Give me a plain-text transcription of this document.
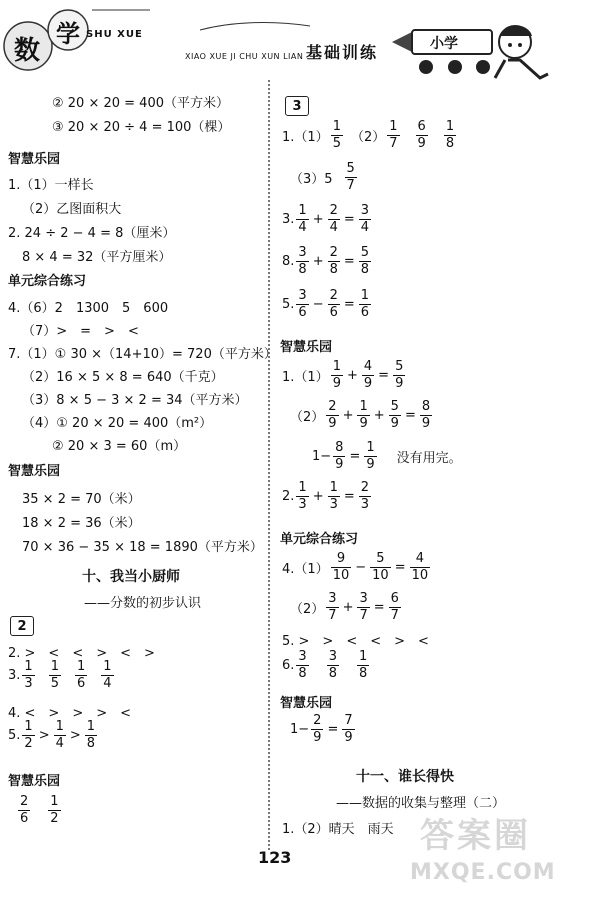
数
学 SHU XUE
XIAO XUE JI CHU XUN LIAN 基 础 训 练	小学
② 20 × 20 = 400（平方米）
③ 20 × 20 ÷ 4 = 100（棵）
智慧乐园
1.（1）一样长
（2）乙图面积大
2. 24 ÷ 2 − 4 = 8（厘米）
8 × 4 = 32（平方厘米）
单元综合练习
4.（6）2　1300　5　600
（7）>　=　>　<
7.（1）① 30 ×（14+10）= 720（平方米）
（2）16 × 5 × 8 = 640（千克）
（3）8 × 5 − 3 × 2 = 34（平方米）
（4）① 20 × 20 = 400（m²）
② 20 × 3 = 60（m）
智慧乐园
35 × 2 = 70（米）
18 × 2 = 36（米）
70 × 36 − 35 × 18 = 1890（平方米）
十、我当小厨师
——分数的初步认识
2
2. >　<　<　>　<　>
3. $\frac{1}{3} \frac{1}{5} \frac{1}{6} \frac{1}{4}$
4. <　>　>　>　<
5. $\frac{1}{2} > \frac{1}{4} > \frac{1}{8}$
智慧乐园
$\frac{2}{6} \frac{1}{2}$
3
$1.(1) \frac{1}{5} (2) \frac{1}{7} \frac{6}{9} \frac{1}{8}$
$(3)5 \frac{5}{7}$
3. $\frac{1}{4} + \frac{2}{4} = \frac{3}{4}$
8. $\frac{3}{8} + \frac{2}{8} = \frac{5}{8}$
5. $\frac{3}{6} - \frac{2}{6} = \frac{1}{6}$
智慧乐园
$1.(1) \frac{1}{9} + \frac{4}{9} = \frac{5}{9}$
$(2) \frac{2}{9} + \frac{1}{9} + \frac{5}{9} = \frac{8}{9}$
$1- \frac{8}{9} = \frac{1}{9}$ 没有用完。
2. $\frac{1}{3} + \frac{1}{3} = \frac{2}{3}$
单元综合练习
$4.(1) \frac{9}{10} - \frac{5}{10} = \frac{4}{10}$
$(2) \frac{3}{7} + \frac{3}{7} = \frac{6}{7}$
5. >　>　<　<　>　<
6. $\frac{3}{8} \frac{3}{8} \frac{1}{8}$
智慧乐园
$1- \frac{2}{9} = \frac{7}{9}$
十一、谁长得快
——数据的收集与整理（二）
1.（2）晴天　雨天
123
答案圈
MXQE.COM
